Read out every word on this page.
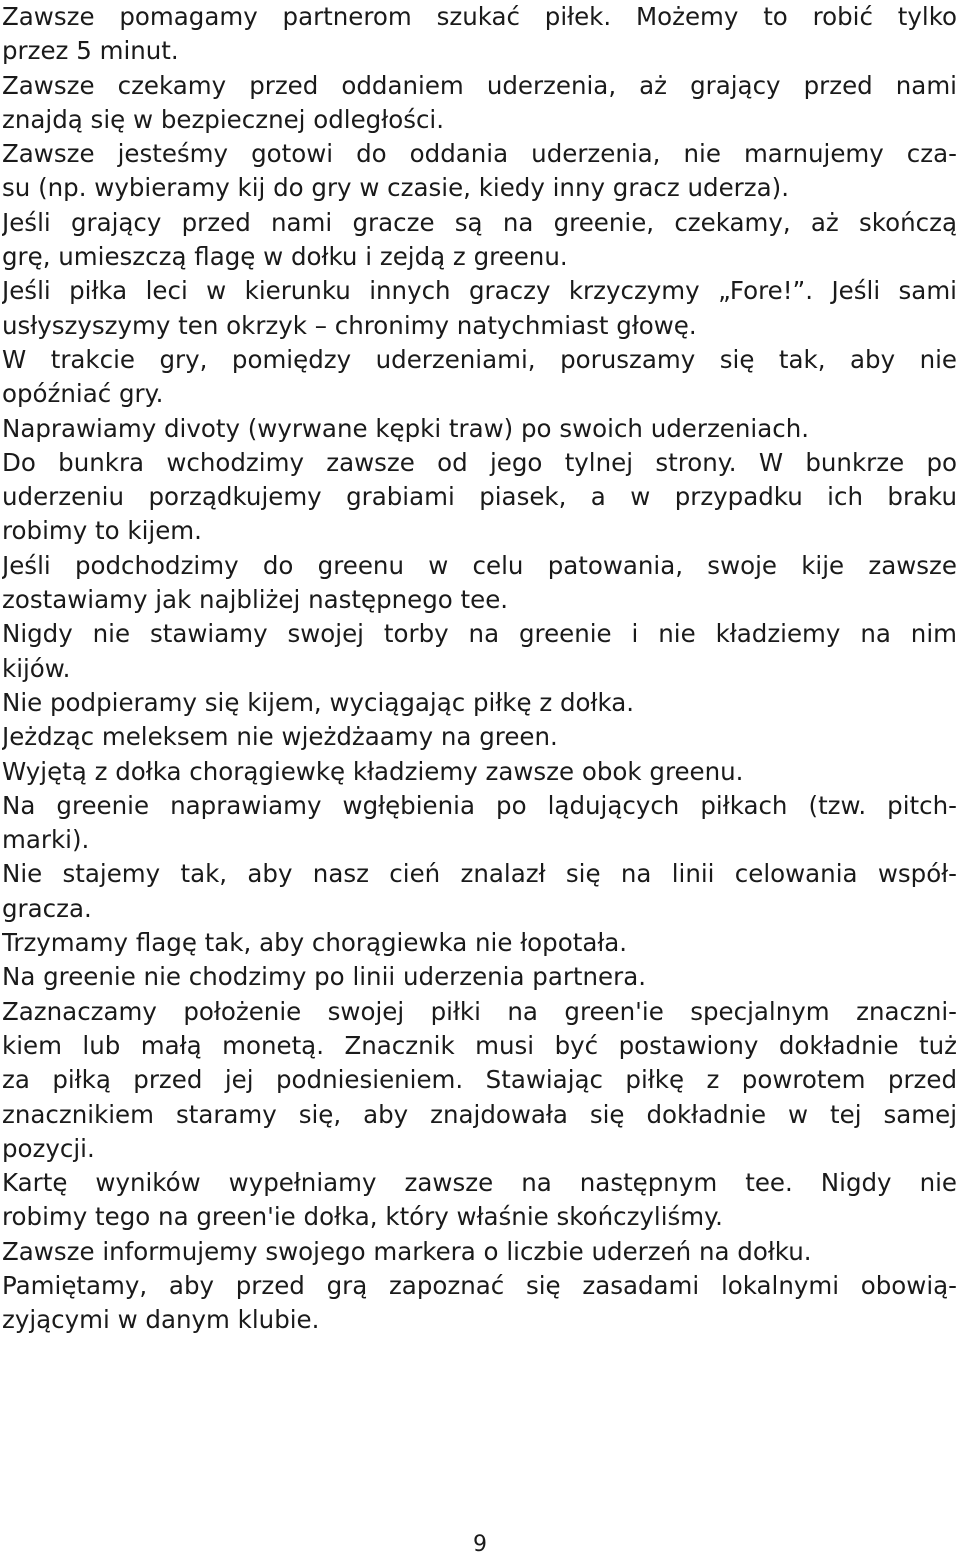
Zawsze pomagamy partnerom szukać piłek. Możemy to robić tylko
przez 5 minut.
Zawsze czekamy przed oddaniem uderzenia, aż grający przed nami
znajdą się w bezpiecznej odległości.
Zawsze jesteśmy gotowi do oddania uderzenia, nie marnujemy cza-
su (np. wybieramy kij do gry w czasie, kiedy inny gracz uderza).
Jeśli grający przed nami gracze są na greenie, czekamy, aż skończą
grę, umieszczą flagę w dołku i zejdą z greenu.
Jeśli piłka leci w kierunku innych graczy krzyczymy „Fore!”. Jeśli sami
usłyszyszymy ten okrzyk – chronimy natychmiast głowę.
W trakcie gry, pomiędzy uderzeniami, poruszamy się tak, aby nie
opóźniać gry.
Naprawiamy divoty (wyrwane kępki traw) po swoich uderzeniach.
Do bunkra wchodzimy zawsze od jego tylnej strony. W bunkrze po
uderzeniu porządkujemy grabiami piasek, a w przypadku ich braku
robimy to kijem.
Jeśli podchodzimy do greenu w celu patowania, swoje kije zawsze
zostawiamy jak najbliżej następnego tee.
Nigdy nie stawiamy swojej torby na greenie i nie kładziemy na nim
kijów.
Nie podpieramy się kijem, wyciągając piłkę z dołka.
Jeżdząc meleksem nie wjeżdżaamy na green.
Wyjętą z dołka chorągiewkę kładziemy zawsze obok greenu.
Na greenie naprawiamy wgłębienia po lądujących piłkach (tzw. pitch-
marki).
Nie stajemy tak, aby nasz cień znalazł się na linii celowania współ-
gracza.
Trzymamy flagę tak, aby chorągiewka nie łopotała.
Na greenie nie chodzimy po linii uderzenia partnera.
Zaznaczamy położenie swojej piłki na green'ie specjalnym znaczni-
kiem lub małą monetą. Znacznik musi być postawiony dokładnie tuż
za piłką przed jej podniesieniem. Stawiając piłkę z powrotem przed
znacznikiem staramy się, aby znajdowała się dokładnie w tej samej
pozycji.
Kartę wyników wypełniamy zawsze na następnym tee. Nigdy nie
robimy tego na green'ie dołka, który właśnie skończyliśmy.
Zawsze informujemy swojego markera o liczbie uderzeń na dołku.
Pamiętamy, aby przed grą zapoznać się zasadami lokalnymi obowią-
zyjącymi w danym klubie.
9
